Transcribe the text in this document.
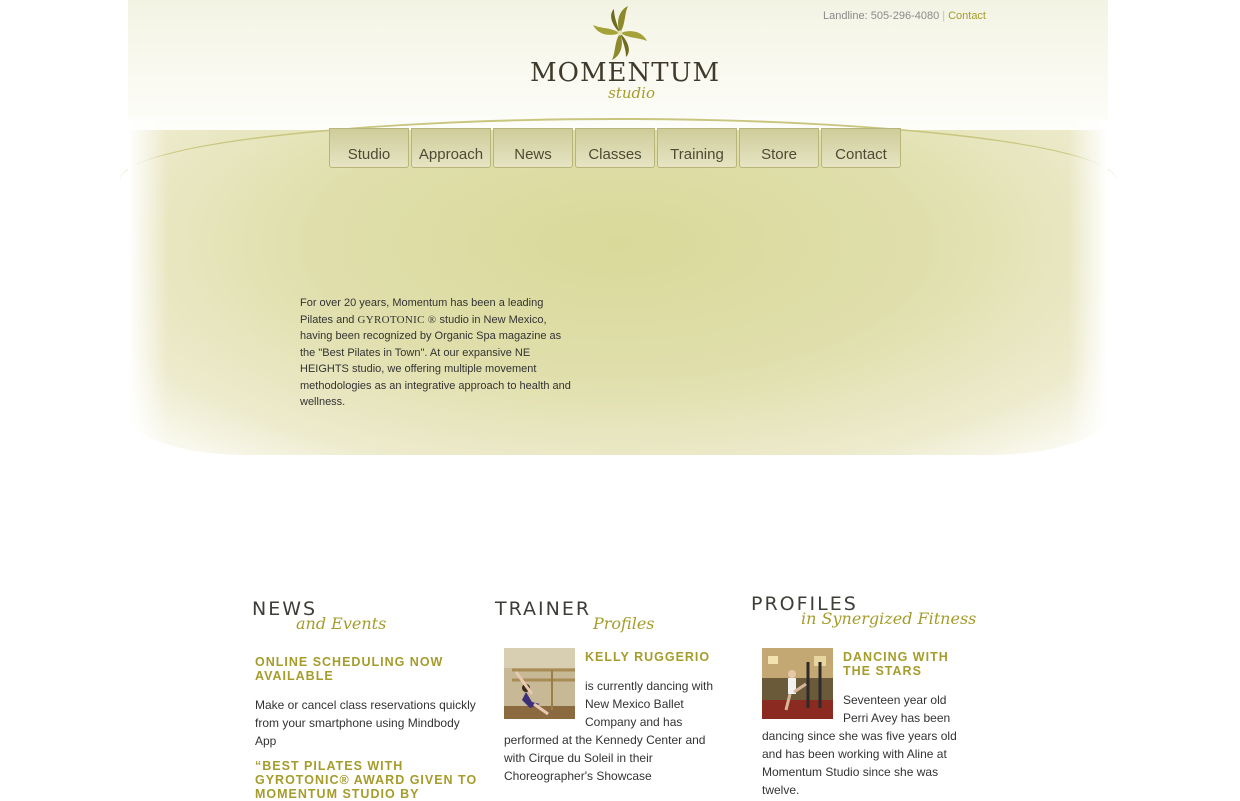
Landline: 505-296-4080 | Contact
MOMENTUM
studio
Studio	Approach	News	Classes	Training	Store	Contact
For over 20 years, Momentum has been a leading Pilates and GYROTONIC ® studio in New Mexico, having been recognized by Organic Spa magazine as the "Best Pilates in Town". At our expansive NE HEIGHTS studio, we offering multiple movement methodologies as an integrative approach to health and wellness.
NEWS
and Events
TRAINER
Profiles
PROFILES
in Synergized Fitness

ONLINE SCHEDULING NOW AVAILABLE

Make or cancel class reservations quickly from your smartphone using Mindbody App

“BEST PILATES WITH GYROTONIC® AWARD GIVEN TO MOMENTUM STUDIO BY

KELLY RUGGERIO

is currently dancing with New Mexico Ballet Company and has performed at the Kennedy Center and with Cirque du Soleil in their Choreographer's Showcase

DANCING WITH THE STARS

Seventeen year old Perri Avey has been dancing since she was five years old and has been working with Aline at Momentum Studio since she was twelve.
